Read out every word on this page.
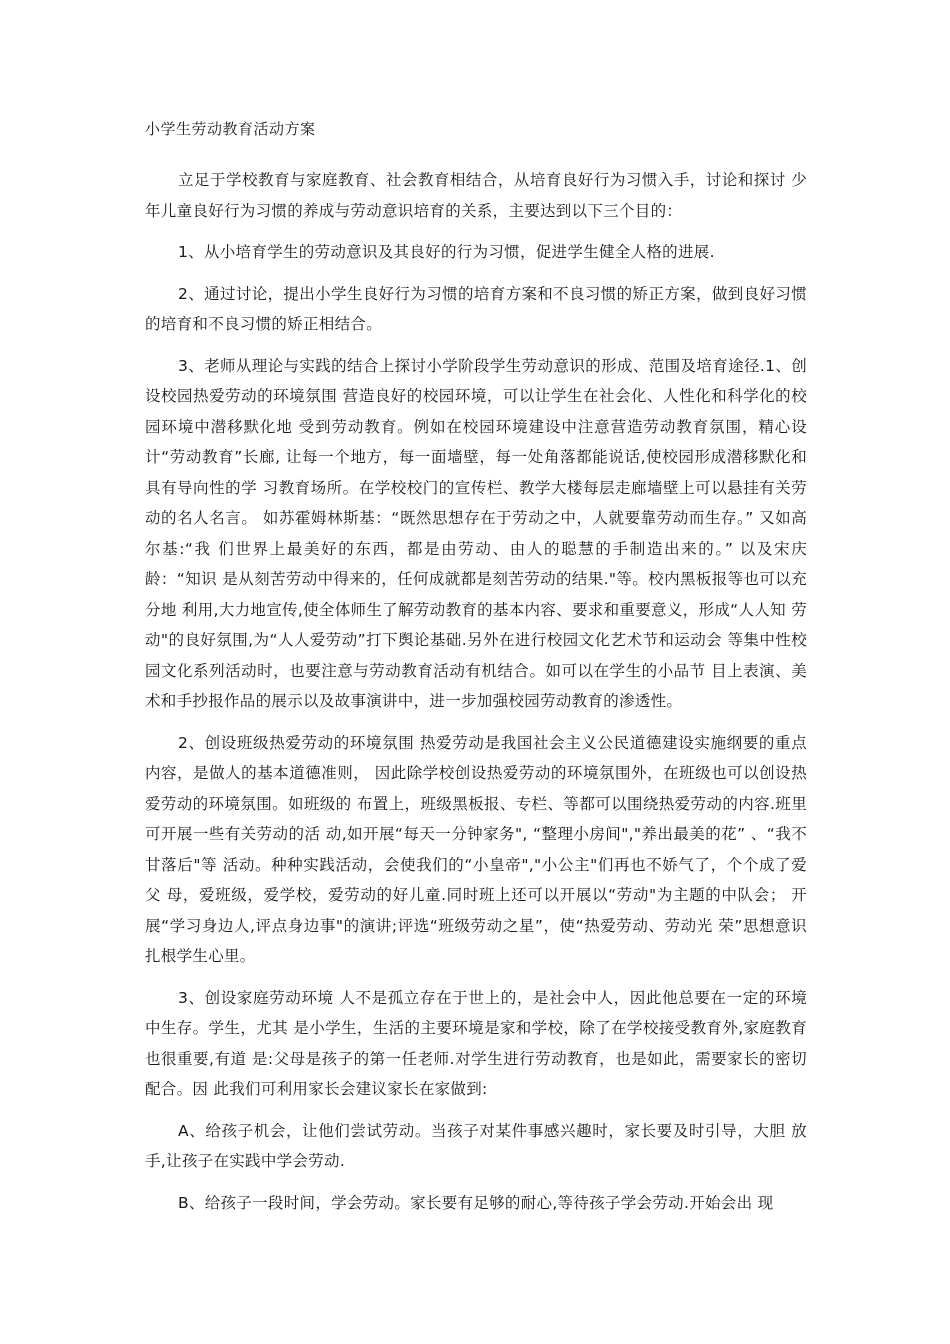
小学生劳动教育活动方案

立足于学校教育与家庭教育、社会教育相结合，从培育良好行为习惯入手，讨论和探讨 少年儿童良好行为习惯的养成与劳动意识培育的关系，主要达到以下三个目的：

1、从小培育学生的劳动意识及其良好的行为习惯，促进学生健全人格的进展.

2、通过讨论，提出小学生良好行为习惯的培育方案和不良习惯的矫正方案，做到良好习惯的培育和不良习惯的矫正相结合。

3、老师从理论与实践的结合上探讨小学阶段学生劳动意识的形成、范围及培育途径.1、创设校园热爱劳动的环境氛围 营造良好的校园环境，可以让学生在社会化、人性化和科学化的校园环境中潜移默化地 受到劳动教育。例如在校园环境建设中注意营造劳动教育氛围，精心设计“劳动教育”长廊, 让每一个地方，每一面墙壁，每一处角落都能说话,使校园形成潜移默化和具有导向性的学 习教育场所。在学校校门的宣传栏、教学大楼每层走廊墙壁上可以悬挂有关劳动的名人名言。 如苏霍姆林斯基：“既然思想存在于劳动之中，人就要靠劳动而生存。” 又如高尔基:“我 们世界上最美好的东西，都是由劳动、由人的聪慧的手制造出来的。” 以及宋庆龄：“知识 是从刻苦劳动中得来的，任何成就都是刻苦劳动的结果."等。校内黑板报等也可以充分地 利用,大力地宣传,使全体师生了解劳动教育的基本内容、要求和重要意义，形成“人人知 劳动"的良好氛围,为“人人爱劳动”打下舆论基础.另外在进行校园文化艺术节和运动会 等集中性校园文化系列活动时，也要注意与劳动教育活动有机结合。如可以在学生的小品节 目上表演、美术和手抄报作品的展示以及故事演讲中，进一步加强校园劳动教育的渗透性。

2、创设班级热爱劳动的环境氛围 热爱劳动是我国社会主义公民道德建设实施纲要的重点内容，是做人的基本道德准则， 因此除学校创设热爱劳动的环境氛围外，在班级也可以创设热爱劳动的环境氛围。如班级的 布置上，班级黑板报、专栏、等都可以围绕热爱劳动的内容.班里可开展一些有关劳动的活 动,如开展“每天一分钟家务", “整理小房间","养出最美的花” 、“我不甘落后"等 活动。种种实践活动，会使我们的“小皇帝","小公主"们再也不娇气了，个个成了爱父 母，爱班级，爱学校，爱劳动的好儿童.同时班上还可以开展以“劳动"为主题的中队会； 开展“学习身边人,评点身边事"的演讲;评选“班级劳动之星”，使“热爱劳动、劳动光 荣”思想意识扎根学生心里。

3、创设家庭劳动环境 人不是孤立存在于世上的，是社会中人，因此他总要在一定的环境中生存。学生，尤其 是小学生，生活的主要环境是家和学校，除了在学校接受教育外,家庭教育也很重要,有道 是:父母是孩子的第一任老师.对学生进行劳动教育，也是如此，需要家长的密切配合。因 此我们可利用家长会建议家长在家做到:

A、给孩子机会，让他们尝试劳动。当孩子对某件事感兴趣时，家长要及时引导，大胆 放手,让孩子在实践中学会劳动.

B、给孩子一段时间，学会劳动。家长要有足够的耐心,等待孩子学会劳动.开始会出 现
